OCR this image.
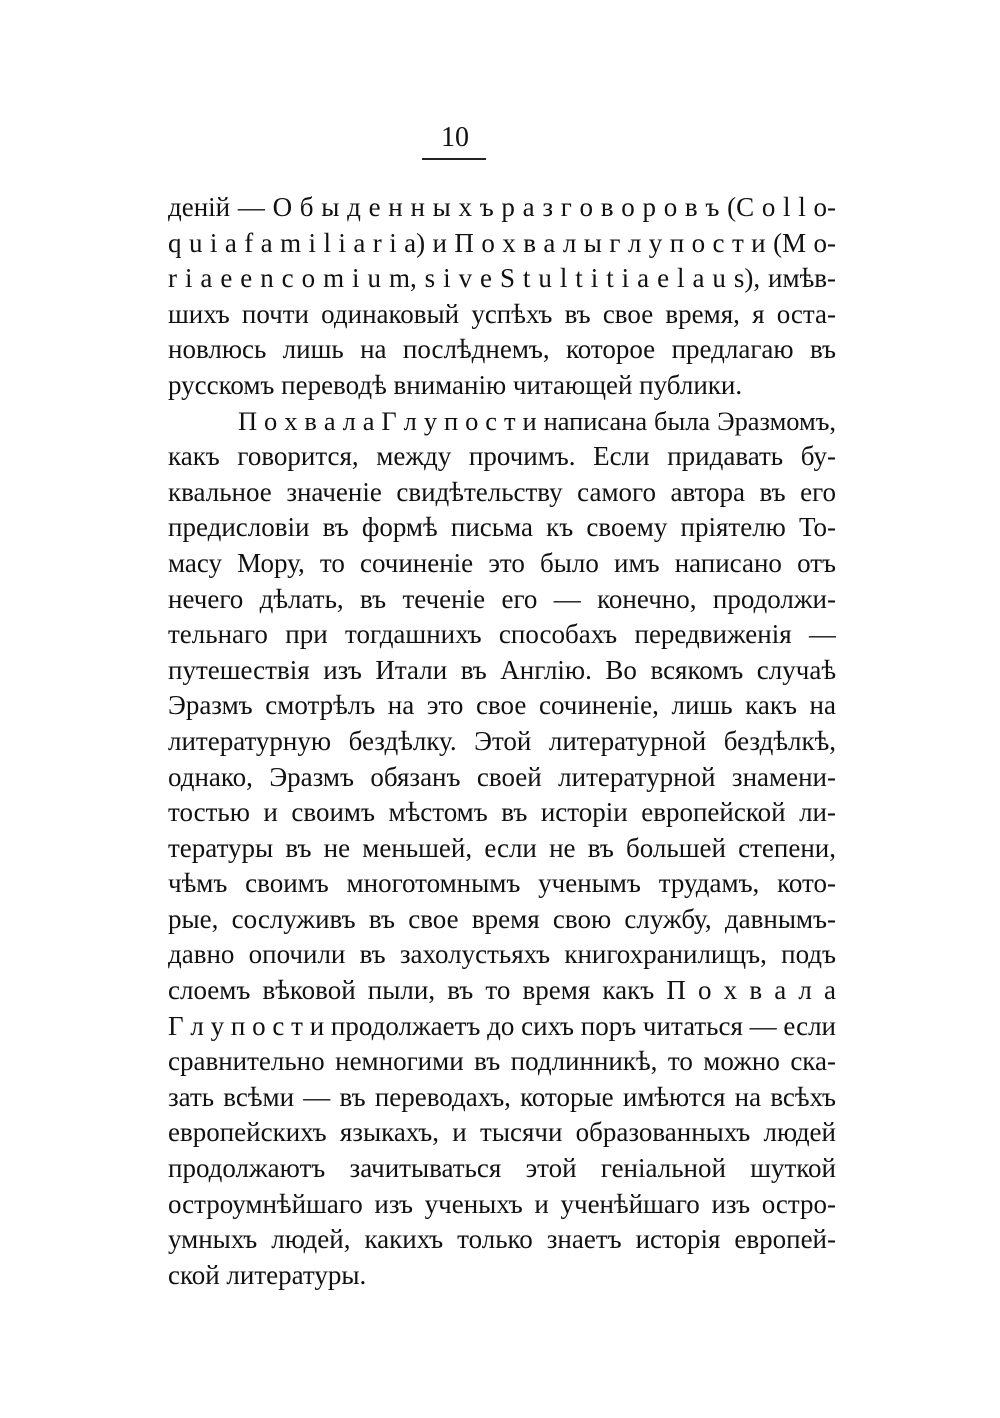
10
деній — О б ы д е н н ы х ъ р а з г о в о р о в ъ (C o l l o-
q u i a f a m i l i a r i a) и П о х в а л ы г л у п о с т и (M o-
r i a e e n c o m i u m, s i v e S t u l t i t i a e l a u s), имѣв-
шихъ почти одинаковый успѣхъ въ свое время, я оста-
новлюсь лишь на послѣднемъ, которое предлагаю въ
русскомъ переводѣ вниманію читающей публики.
П о х в а л а Г л у п о с т и написана была Эразмомъ,
какъ говорится, между прочимъ. Если придавать бу-
квальное значеніе свидѣтельству самого автора въ его
предисловіи въ формѣ письма къ своему пріятелю То-
масу Мору, то сочиненіе это было имъ написано отъ
нечего дѣлать, въ теченіе его — конечно, продолжи-
тельнаго при тогдашнихъ способахъ передвиженія —
путешествія изъ Итали въ Англію. Во всякомъ случаѣ
Эразмъ смотрѣлъ на это свое сочиненіе, лишь какъ на
литературную бездѣлку. Этой литературной бездѣлкѣ,
однако, Эразмъ обязанъ своей литературной знамени-
тостью и своимъ мѣстомъ въ исторіи европейской ли-
тературы въ не меньшей, если не въ большей степени,
чѣмъ своимъ многотомнымъ ученымъ трудамъ, кото-
рые, сослуживъ въ свое время свою службу, давнымъ-
давно опочили въ захолустьяхъ книгохранилищъ, подъ
слоемъ вѣковой пыли, въ то время какъ П о х в а л а
Г л у п о с т и продолжаетъ до сихъ поръ читаться — если
сравнительно немногими въ подлинникѣ, то можно ска-
зать всѣми — въ переводахъ, которые имѣются на всѣхъ
европейскихъ языкахъ, и тысячи образованныхъ людей
продолжаютъ зачитываться этой геніальной шуткой
остроумнѣйшаго изъ ученыхъ и ученѣйшаго изъ остро-
умныхъ людей, какихъ только знаетъ исторія европей-
ской литературы.
